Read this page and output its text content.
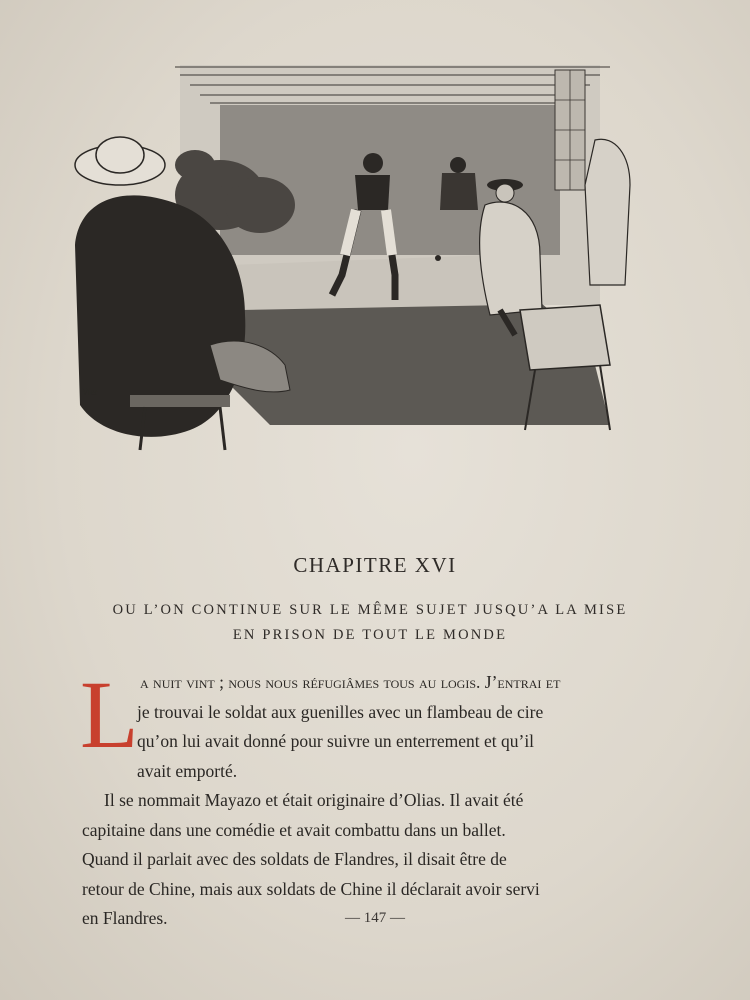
Vier
CHAPITRE XVI
OU L’ON CONTINUE SUR LE MÊME SUJET JUSQU’A LA MISE
EN PRISON DE TOUT LE MONDE
L a nuit vint ; nous nous réfugiâmes tous au logis. J’entrai et
je trouvai le soldat aux guenilles avec un flambeau de cire
qu’on lui avait donné pour suivre un enterrement et qu’il
avait emporté.
Il se nommait Mayazo et était originaire d’Olias. Il avait été
capitaine dans une comédie et avait combattu dans un ballet.
Quand il parlait avec des soldats de Flandres, il disait être de
retour de Chine, mais aux soldats de Chine il déclarait avoir servi
en Flandres.	— 147 —
